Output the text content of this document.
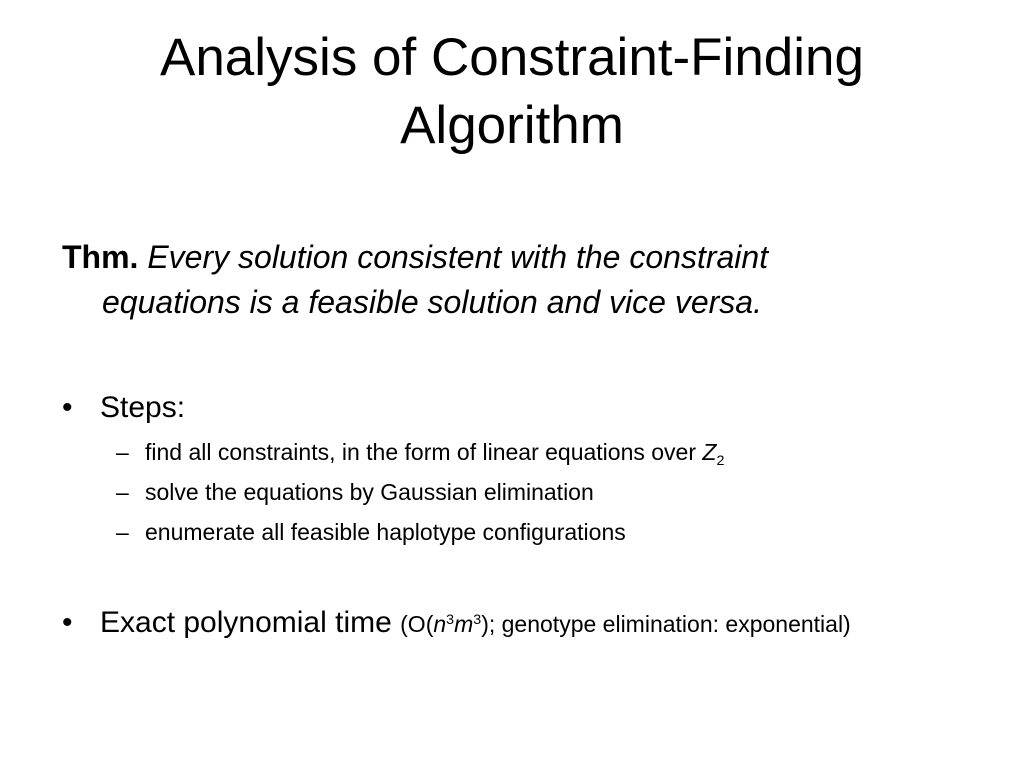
Analysis of Constraint-Finding
Algorithm
Thm. Every solution consistent with the constraint
equations is a feasible solution and vice versa.
• Steps:
– find all constraints, in the form of linear equations over $Z_2$
– solve the equations by Gaussian elimination
– enumerate all feasible haplotype configurations
• Exact polynomial time ($O(n^3m^3)$; genotype elimination: exponential)
